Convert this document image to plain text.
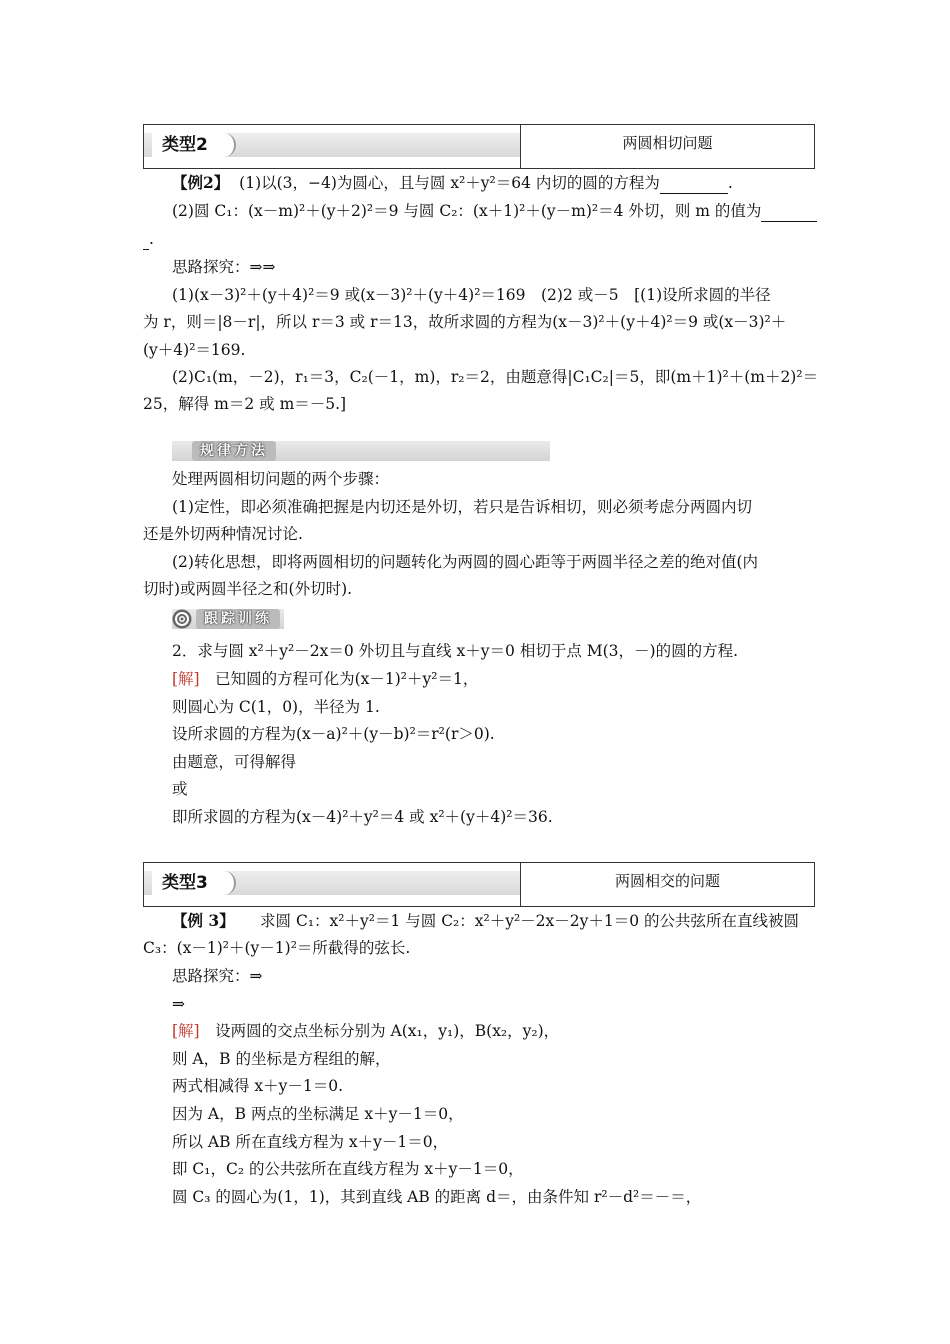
类型2	两圆相切问题
【例2】 (1)以(3，−4)为圆心，且与圆 x²＋y²＝64 内切的圆的方程为	.
(2)圆 C₁：(x－m)²＋(y＋2)²＝9 与圆 C₂：(x＋1)²＋(y－m)²＝4 外切，则 m 的值为
.
思路探究：⇒⇒
(1)(x－3)²＋(y＋4)²＝9 或(x－3)²＋(y＋4)²＝169　(2)2 或－5　[(1)设所求圆的半径
为 r，则＝|8－r|，所以 r＝3 或 r＝13，故所求圆的方程为(x－3)²＋(y＋4)²＝9 或(x－3)²＋
(y＋4)²＝169.
(2)C₁(m，－2)，r₁＝3，C₂(－1，m)，r₂＝2，由题意得|C₁C₂|＝5，即(m＋1)²＋(m＋2)²＝
25，解得 m＝2 或 m＝－5.]
规律方法
处理两圆相切问题的两个步骤：
(1)定性，即必须准确把握是内切还是外切，若只是告诉相切，则必须考虑分两圆内切
还是外切两种情况讨论.
(2)转化思想，即将两圆相切的问题转化为两圆的圆心距等于两圆半径之差的绝对值(内
切时)或两圆半径之和(外切时).
跟踪训练
2．求与圆 x²＋y²－2x＝0 外切且与直线 x＋y＝0 相切于点 M(3，－)的圆的方程.
[解]　已知圆的方程可化为(x－1)²＋y²＝1，
则圆心为 C(1，0)，半径为 1.
设所求圆的方程为(x－a)²＋(y－b)²＝r²(r＞0).
由题意，可得解得
或
即所求圆的方程为(x－4)²＋y²＝4 或 x²＋(y＋4)²＝36.
类型3	两圆相交的问题
【例 3】  　求圆 C₁：x²＋y²＝1 与圆 C₂：x²＋y²－2x－2y＋1＝0 的公共弦所在直线被圆
C₃：(x－1)²＋(y－1)²＝所截得的弦长.
思路探究：⇒
⇒
[解]　设两圆的交点坐标分别为 A(x₁，y₁)，B(x₂，y₂)，
则 A，B 的坐标是方程组的解，
两式相减得 x＋y－1＝0.
因为 A，B 两点的坐标满足 x＋y－1＝0，
所以 AB 所在直线方程为 x＋y－1＝0，
即 C₁，C₂ 的公共弦所在直线方程为 x＋y－1＝0，
圆 C₃ 的圆心为(1，1)，其到直线 AB 的距离 d＝，由条件知 r²－d²＝－＝，
